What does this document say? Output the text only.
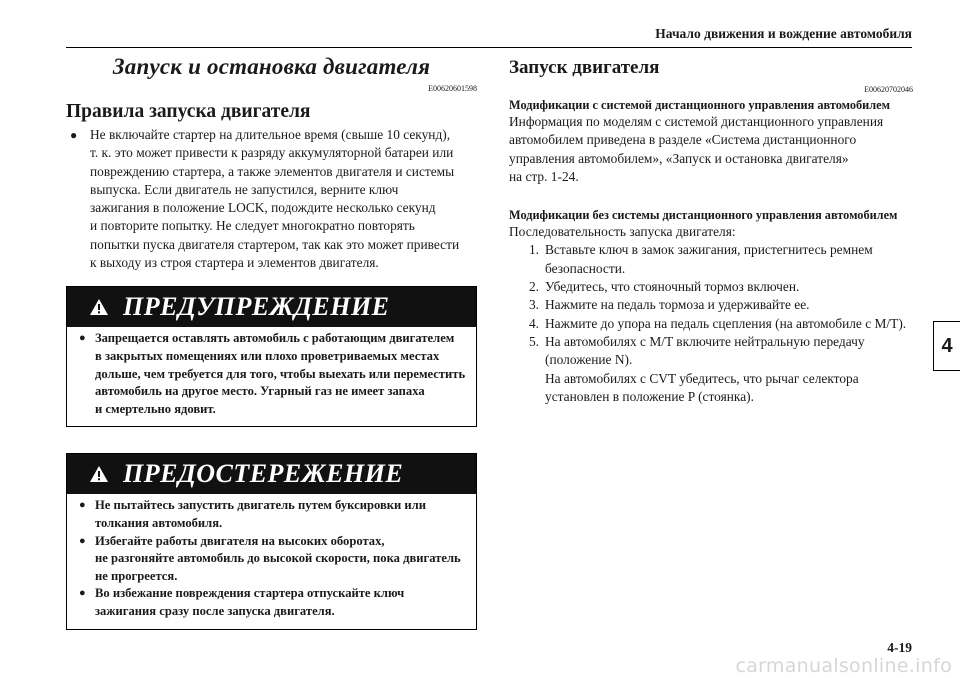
Начало движения и вождение автомобиля
Запуск и остановка двигателя
E00620601598
Правила запуска двигателя
● Не включайте стартер на длительное время (свыше 10 секунд),
т. к. это может привести к разряду аккумуляторной батареи или
повреждению стартера, а также элементов двигателя и системы
выпуска. Если двигатель не запустился, верните ключ
зажигания в положение LOCK, подождите несколько секунд
и повторите попытку. Не следует многократно повторять
попытки пуска двигателя стартером, так как это может привести
к выходу из строя стартера и элементов двигателя.
ПРЕДУПРЕЖДЕНИЕ
● Запрещается оставлять автомобиль с работающим двигателем
в закрытых помещениях или плохо проветриваемых местах
дольше, чем требуется для того, чтобы выехать или переместить
автомобиль на другое место. Угарный газ не имеет запаха
и смертельно ядовит.
ПРЕДОСТЕРЕЖЕНИЕ
● Не пытайтесь запустить двигатель путем буксировки или
толкания автомобиля.
● Избегайте работы двигателя на высоких оборотах,
не разгоняйте автомобиль до высокой скорости, пока двигатель
не прогреется.
● Во избежание повреждения стартера отпускайте ключ
зажигания сразу после запуска двигателя.
Запуск двигателя
E00620702046
Модификации с системой дистанционного управления автомобилем
Информация по моделям с системой дистанционного управления
автомобилем приведена в разделе «Система дистанционного
управления автомобилем», «Запуск и остановка двигателя»
на стр. 1-24.
Модификации без системы дистанционного управления автомобилем
Последовательность запуска двигателя:
1. Вставьте ключ в замок зажигания, пристегнитесь ремнем
безопасности.
2. Убедитесь, что стояночный тормоз включен.
3. Нажмите на педаль тормоза и удерживайте ее.
4. Нажмите до упора на педаль сцепления (на автомобиле с M/T).
5. На автомобилях с M/T включите нейтральную передачу
(положение N).
На автомобилях с CVT убедитесь, что рычаг селектора
установлен в положение P (стоянка).
4
4-19
carmanualsonline.info
